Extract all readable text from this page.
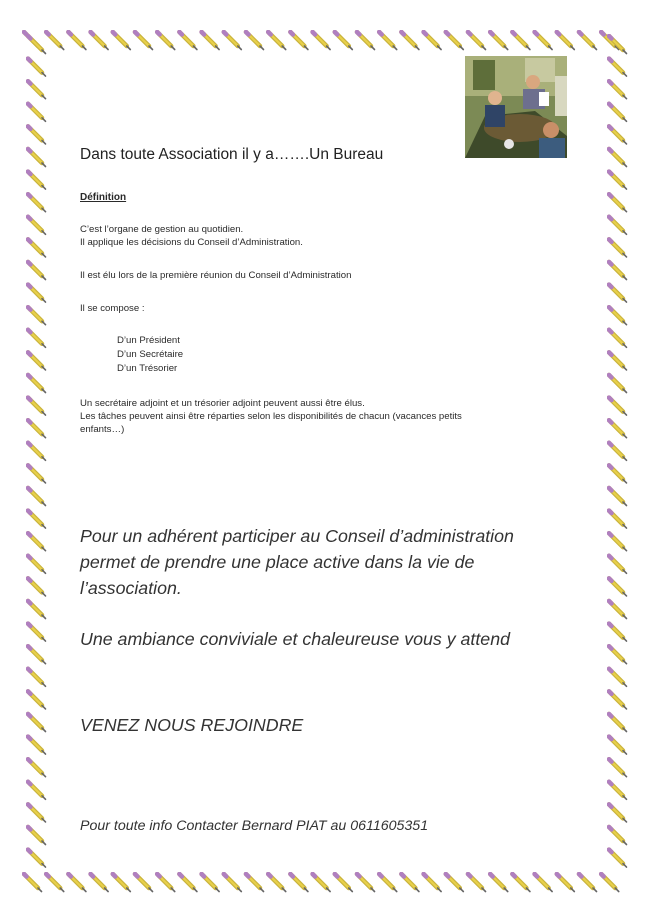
Dans toute Association il y a…….Un Bureau
Définition
C’est l’organe de gestion au quotidien.
Il applique les décisions du Conseil d’Administration.
Il est élu lors de la première réunion du Conseil d’Administration
Il se compose :
D’un Président
D’un Secrétaire
D’un Trésorier
Un secrétaire adjoint et un trésorier adjoint peuvent aussi être élus.
Les tâches peuvent ainsi être réparties selon les disponibilités de chacun (vacances petits
enfants…)
Pour un adhérent participer au Conseil d’administration
permet de prendre une place active dans la vie de
l’association.
Une ambiance conviviale et chaleureuse vous y attend
VENEZ NOUS REJOINDRE
Pour toute info Contacter Bernard PIAT au 0611605351
